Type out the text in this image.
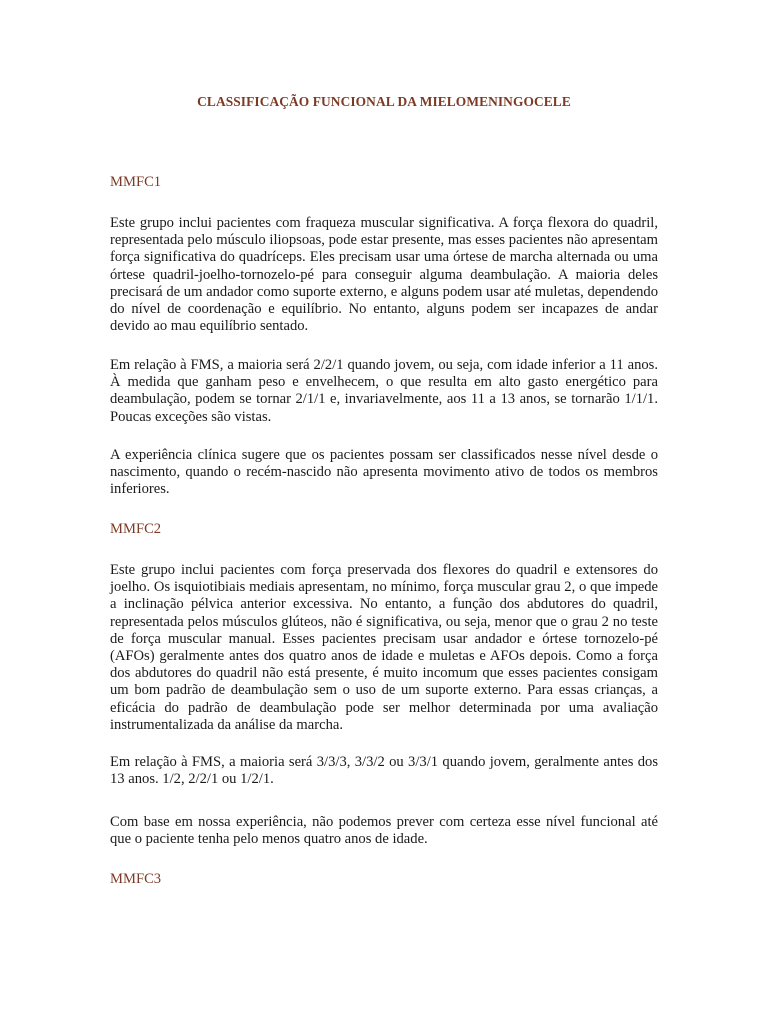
CLASSIFICAÇÃO FUNCIONAL DA MIELOMENINGOCELE
MMFC1

Este grupo inclui pacientes com fraqueza muscular significativa. A força flexora do quadril, representada pelo músculo iliopsoas, pode estar presente, mas esses pacientes não apresentam força significativa do quadríceps. Eles precisam usar uma órtese de marcha alternada ou uma órtese quadril-joelho-tornozelo-pé para conseguir alguma deambulação. A maioria deles precisará de um andador como suporte externo, e alguns podem usar até muletas, dependendo do nível de coordenação e equilíbrio. No entanto, alguns podem ser incapazes de andar devido ao mau equilíbrio sentado.

Em relação à FMS, a maioria será 2/2/1 quando jovem, ou seja, com idade inferior a 11 anos. À medida que ganham peso e envelhecem, o que resulta em alto gasto energético para deambulação, podem se tornar 2/1/1 e, invariavelmente, aos 11 a 13 anos, se tornarão 1/1/1. Poucas exceções são vistas.

A experiência clínica sugere que os pacientes possam ser classificados nesse nível desde o nascimento, quando o recém-nascido não apresenta movimento ativo de todos os membros inferiores.

MMFC2

Este grupo inclui pacientes com força preservada dos flexores do quadril e extensores do joelho. Os isquiotibiais mediais apresentam, no mínimo, força muscular grau 2, o que impede a inclinação pélvica anterior excessiva. No entanto, a função dos abdutores do quadril, representada pelos músculos glúteos, não é significativa, ou seja, menor que o grau 2 no teste de força muscular manual. Esses pacientes precisam usar andador e órtese tornozelo-pé (AFOs) geralmente antes dos quatro anos de idade e muletas e AFOs depois. Como a força dos abdutores do quadril não está presente, é muito incomum que esses pacientes consigam um bom padrão de deambulação sem o uso de um suporte externo. Para essas crianças, a eficácia do padrão de deambulação pode ser melhor determinada por uma avaliação instrumentalizada da análise da marcha.

Em relação à FMS, a maioria será 3/3/3, 3/3/2 ou 3/3/1 quando jovem, geralmente antes dos 13 anos. 1/2, 2/2/1 ou 1/2/1.

Com base em nossa experiência, não podemos prever com certeza esse nível funcional até que o paciente tenha pelo menos quatro anos de idade.

MMFC3
